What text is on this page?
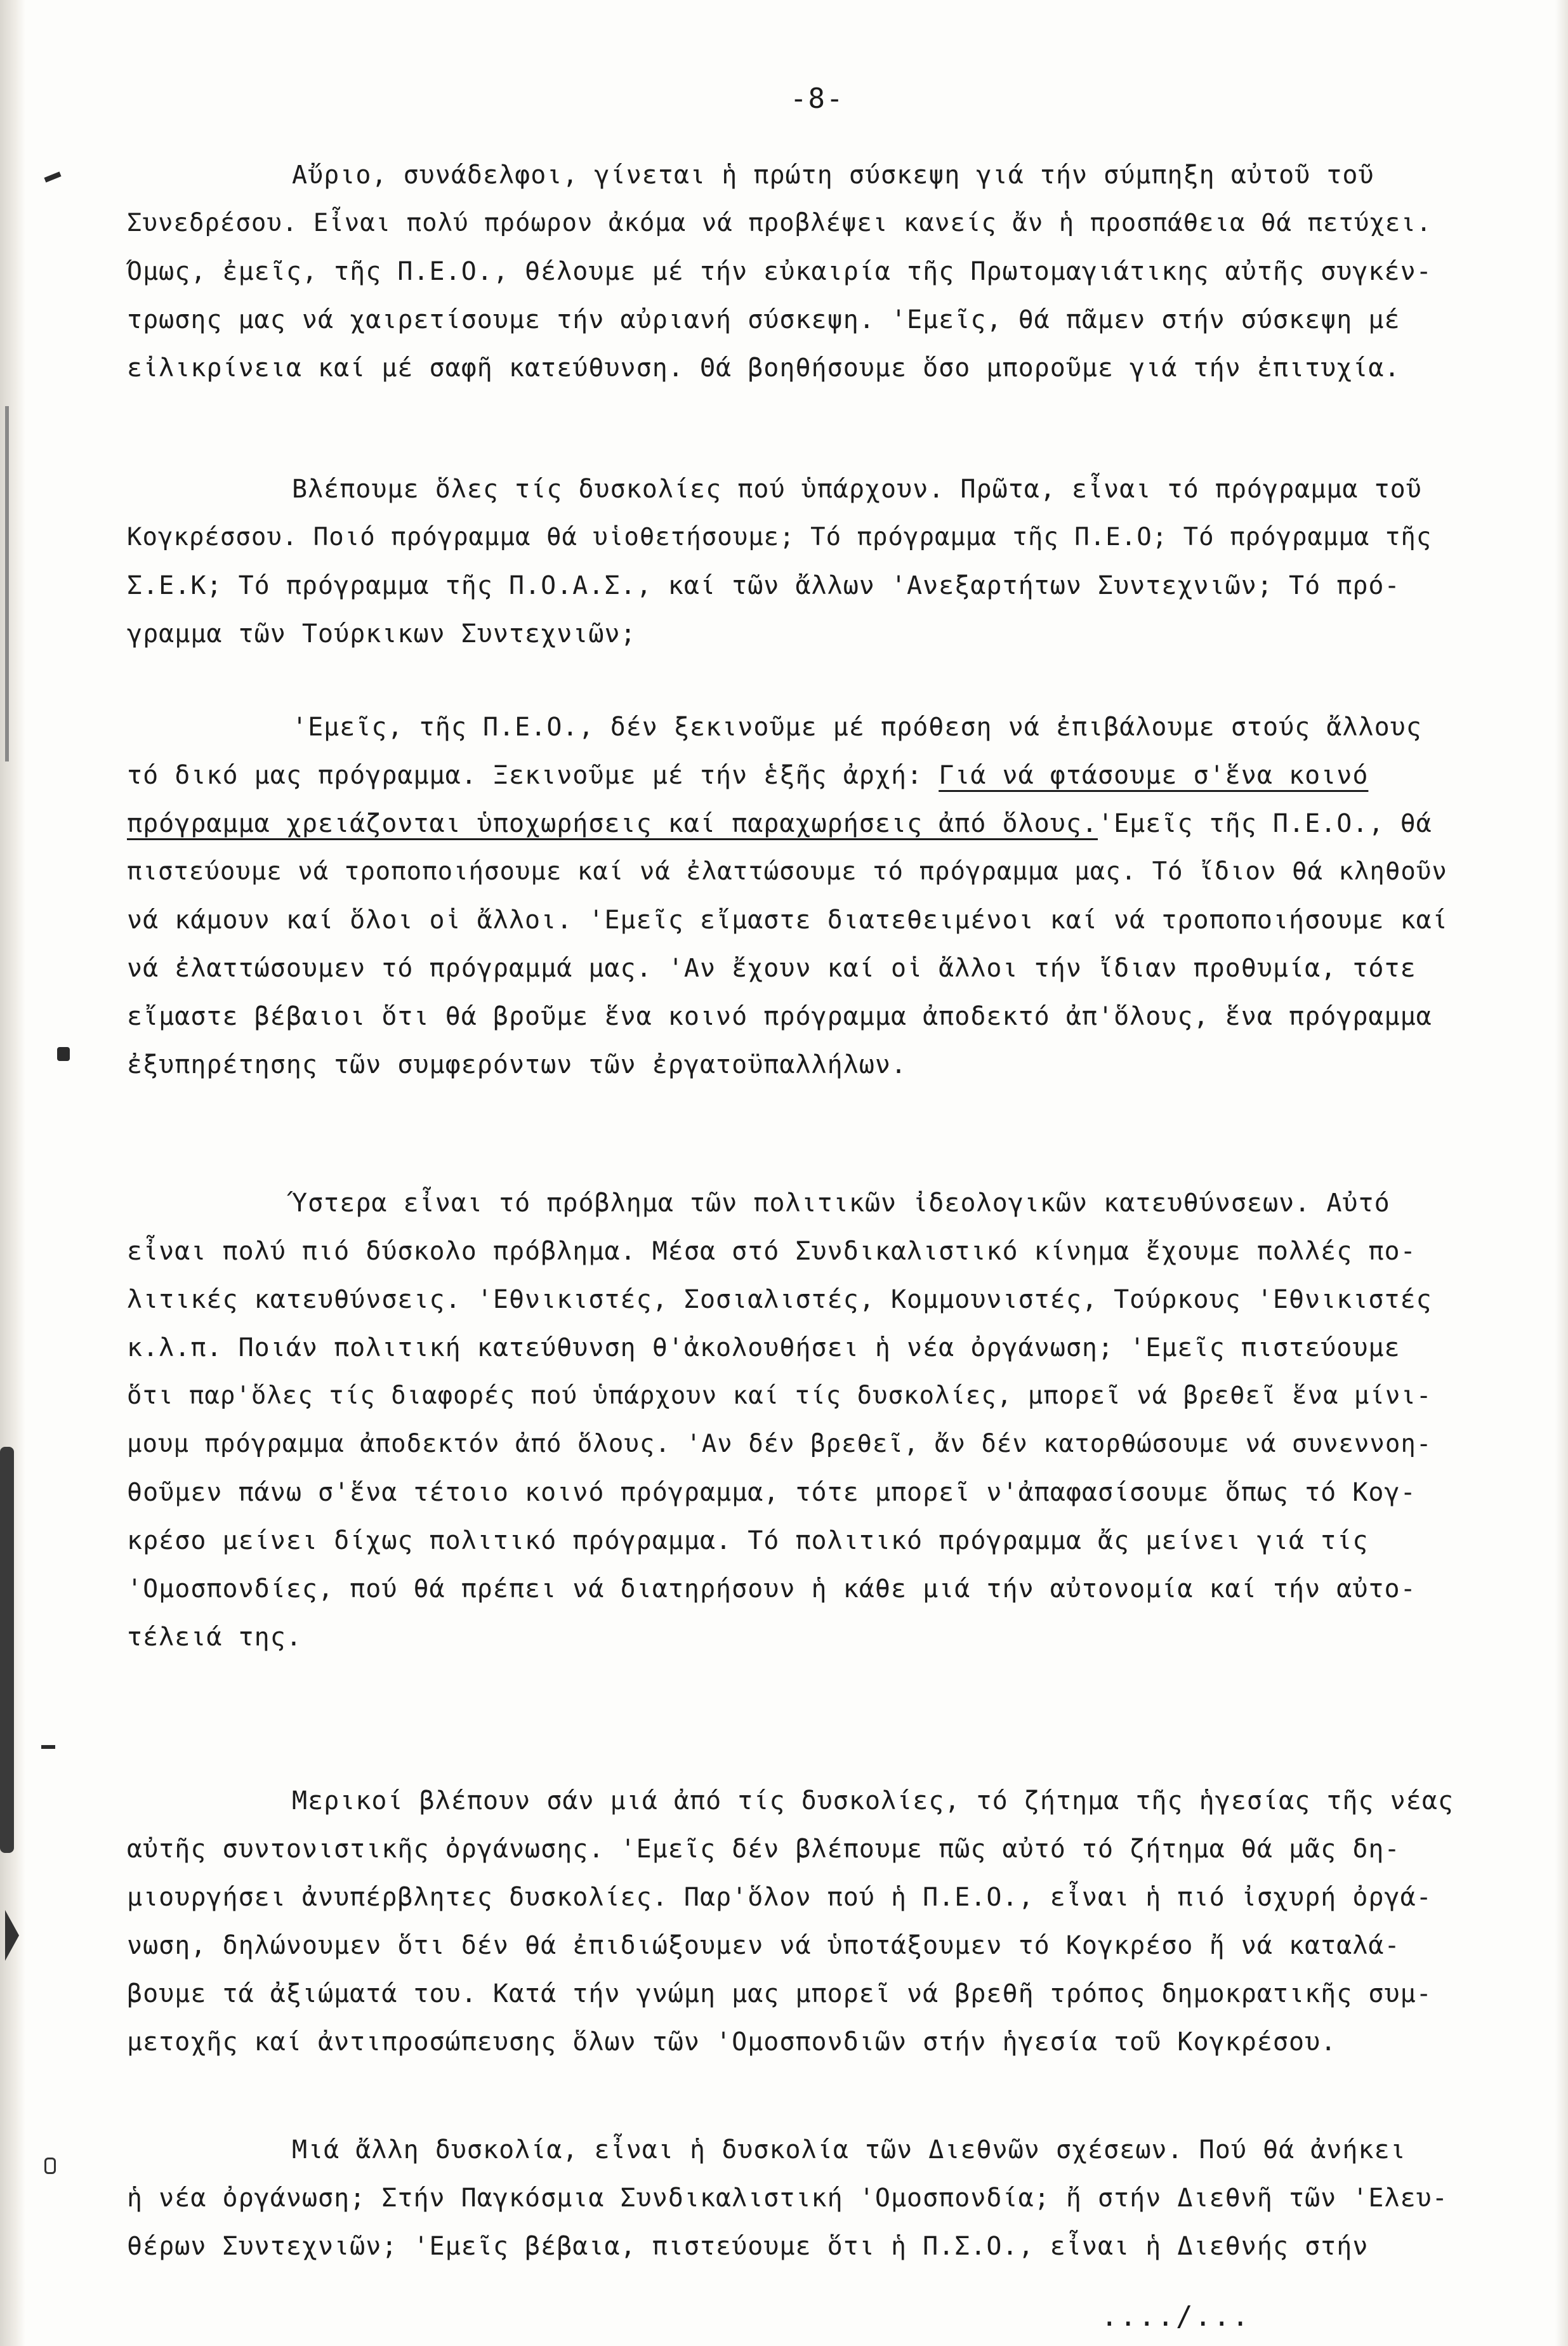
-8-
Αὔριο, συνάδελφοι, γίνεται ἡ πρώτη σύσκεψη γιά τήν σύμπηξη αὐτοῦ τοῦ
Συνεδρέσου. Εἶναι πολύ πρόωρον ἀκόμα νά προβλέψει κανείς ἄν ἡ προσπάθεια θά πετύχει.
Όμως, ἐμεῖς, τῆς Π.Ε.Ο., θέλουμε μέ τήν εὐκαιρία τῆς Πρωτομαγιάτικης αὐτῆς συγκέν-
τρωσης μας νά χαιρετίσουμε τήν αὐριανή σύσκεψη. 'Εμεῖς, θά πᾶμεν στήν σύσκεψη μέ
εἰλικρίνεια καί μέ σαφῆ κατεύθυνση. Θά βοηθήσουμε ὅσο μποροῦμε γιά τήν ἐπιτυχία.
Βλέπουμε ὅλες τίς δυσκολίες πού ὑπάρχουν. Πρῶτα, εἶναι τό πρόγραμμα τοῦ
Κογκρέσσου. Ποιό πρόγραμμα θά υἱοθετήσουμε; Τό πρόγραμμα τῆς Π.Ε.Ο; Τό πρόγραμμα τῆς
Σ.Ε.Κ; Τό πρόγραμμα τῆς Π.Ο.Α.Σ., καί τῶν ἄλλων 'Ανεξαρτήτων Συντεχνιῶν; Τό πρό-
γραμμα τῶν Τούρκικων Συντεχνιῶν;
'Εμεῖς, τῆς Π.Ε.Ο., δέν ξεκινοῦμε μέ πρόθεση νά ἐπιβάλουμε στούς ἄλλους
τό δικό μας πρόγραμμα. Ξεκινοῦμε μέ τήν ἑξῆς ἀρχή: Γιά νά φτάσουμε σ'ἕνα κοινό
πρόγραμμα χρειάζονται ὑποχωρήσεις καί παραχωρήσεις ἀπό ὅλους.'Εμεῖς τῆς Π.Ε.Ο., θά
πιστεύουμε νά τροποποιήσουμε καί νά ἐλαττώσουμε τό πρόγραμμα μας. Τό ἴδιον θά κληθοῦν
νά κάμουν καί ὅλοι οἱ ἄλλοι. 'Εμεῖς εἴμαστε διατεθειμένοι καί νά τροποποιήσουμε καί
νά ἐλαττώσουμεν τό πρόγραμμά μας. 'Αν ἔχουν καί οἱ ἄλλοι τήν ἴδιαν προθυμία, τότε
εἴμαστε βέβαιοι ὅτι θά βροῦμε ἕνα κοινό πρόγραμμα ἀποδεκτό ἀπ'ὅλους, ἕνα πρόγραμμα
ἐξυπηρέτησης τῶν συμφερόντων τῶν ἐργατοϋπαλλήλων.
Ύστερα εἶναι τό πρόβλημα τῶν πολιτικῶν ἰδεολογικῶν κατευθύνσεων. Αὐτό
εἶναι πολύ πιό δύσκολο πρόβλημα. Μέσα στό Συνδικαλιστικό κίνημα ἔχουμε πολλές πο-
λιτικές κατευθύνσεις. 'Εθνικιστές, Σοσιαλιστές, Κομμουνιστές, Τούρκους 'Εθνικιστές
κ.λ.π. Ποιάν πολιτική κατεύθυνση θ'ἀκολουθήσει ἡ νέα ὀργάνωση; 'Εμεῖς πιστεύουμε
ὅτι παρ'ὅλες τίς διαφορές πού ὑπάρχουν καί τίς δυσκολίες, μπορεῖ νά βρεθεῖ ἕνα μίνι-
μουμ πρόγραμμα ἀποδεκτόν ἀπό ὅλους. 'Αν δέν βρεθεῖ, ἄν δέν κατορθώσουμε νά συνεννοη-
θοῦμεν πάνω σ'ἕνα τέτοιο κοινό πρόγραμμα, τότε μπορεῖ ν'ἀπαφασίσουμε ὅπως τό Κογ-
κρέσο μείνει δίχως πολιτικό πρόγραμμα. Τό πολιτικό πρόγραμμα ἄς μείνει γιά τίς
'Ομοσπονδίες, πού θά πρέπει νά διατηρήσουν ἡ κάθε μιά τήν αὐτονομία καί τήν αὐτο-
τέλειά της.
Μερικοί βλέπουν σάν μιά ἀπό τίς δυσκολίες, τό ζήτημα τῆς ἡγεσίας τῆς νέας
αὐτῆς συντονιστικῆς ὀργάνωσης. 'Εμεῖς δέν βλέπουμε πῶς αὐτό τό ζήτημα θά μᾶς δη-
μιουργήσει ἀνυπέρβλητες δυσκολίες. Παρ'ὅλον πού ἡ Π.Ε.Ο., εἶναι ἡ πιό ἰσχυρή ὀργά-
νωση, δηλώνουμεν ὅτι δέν θά ἐπιδιώξουμεν νά ὑποτάξουμεν τό Κογκρέσο ἤ νά καταλά-
βουμε τά ἀξιώματά του. Κατά τήν γνώμη μας μπορεῖ νά βρεθῆ τρόπος δημοκρατικῆς συμ-
μετοχῆς καί ἀντιπροσώπευσης ὅλων τῶν 'Ομοσπονδιῶν στήν ἡγεσία τοῦ Κογκρέσου.
Μιά ἄλλη δυσκολία, εἶναι ἡ δυσκολία τῶν Διεθνῶν σχέσεων. Πού θά ἀνήκει
ἡ νέα ὀργάνωση; Στήν Παγκόσμια Συνδικαλιστική 'Ομοσπονδία; ἤ στήν Διεθνῆ τῶν 'Ελευ-
θέρων Συντεχνιῶν; 'Εμεῖς βέβαια, πιστεύουμε ὅτι ἡ Π.Σ.Ο., εἶναι ἡ Διεθνής στήν
..../...
